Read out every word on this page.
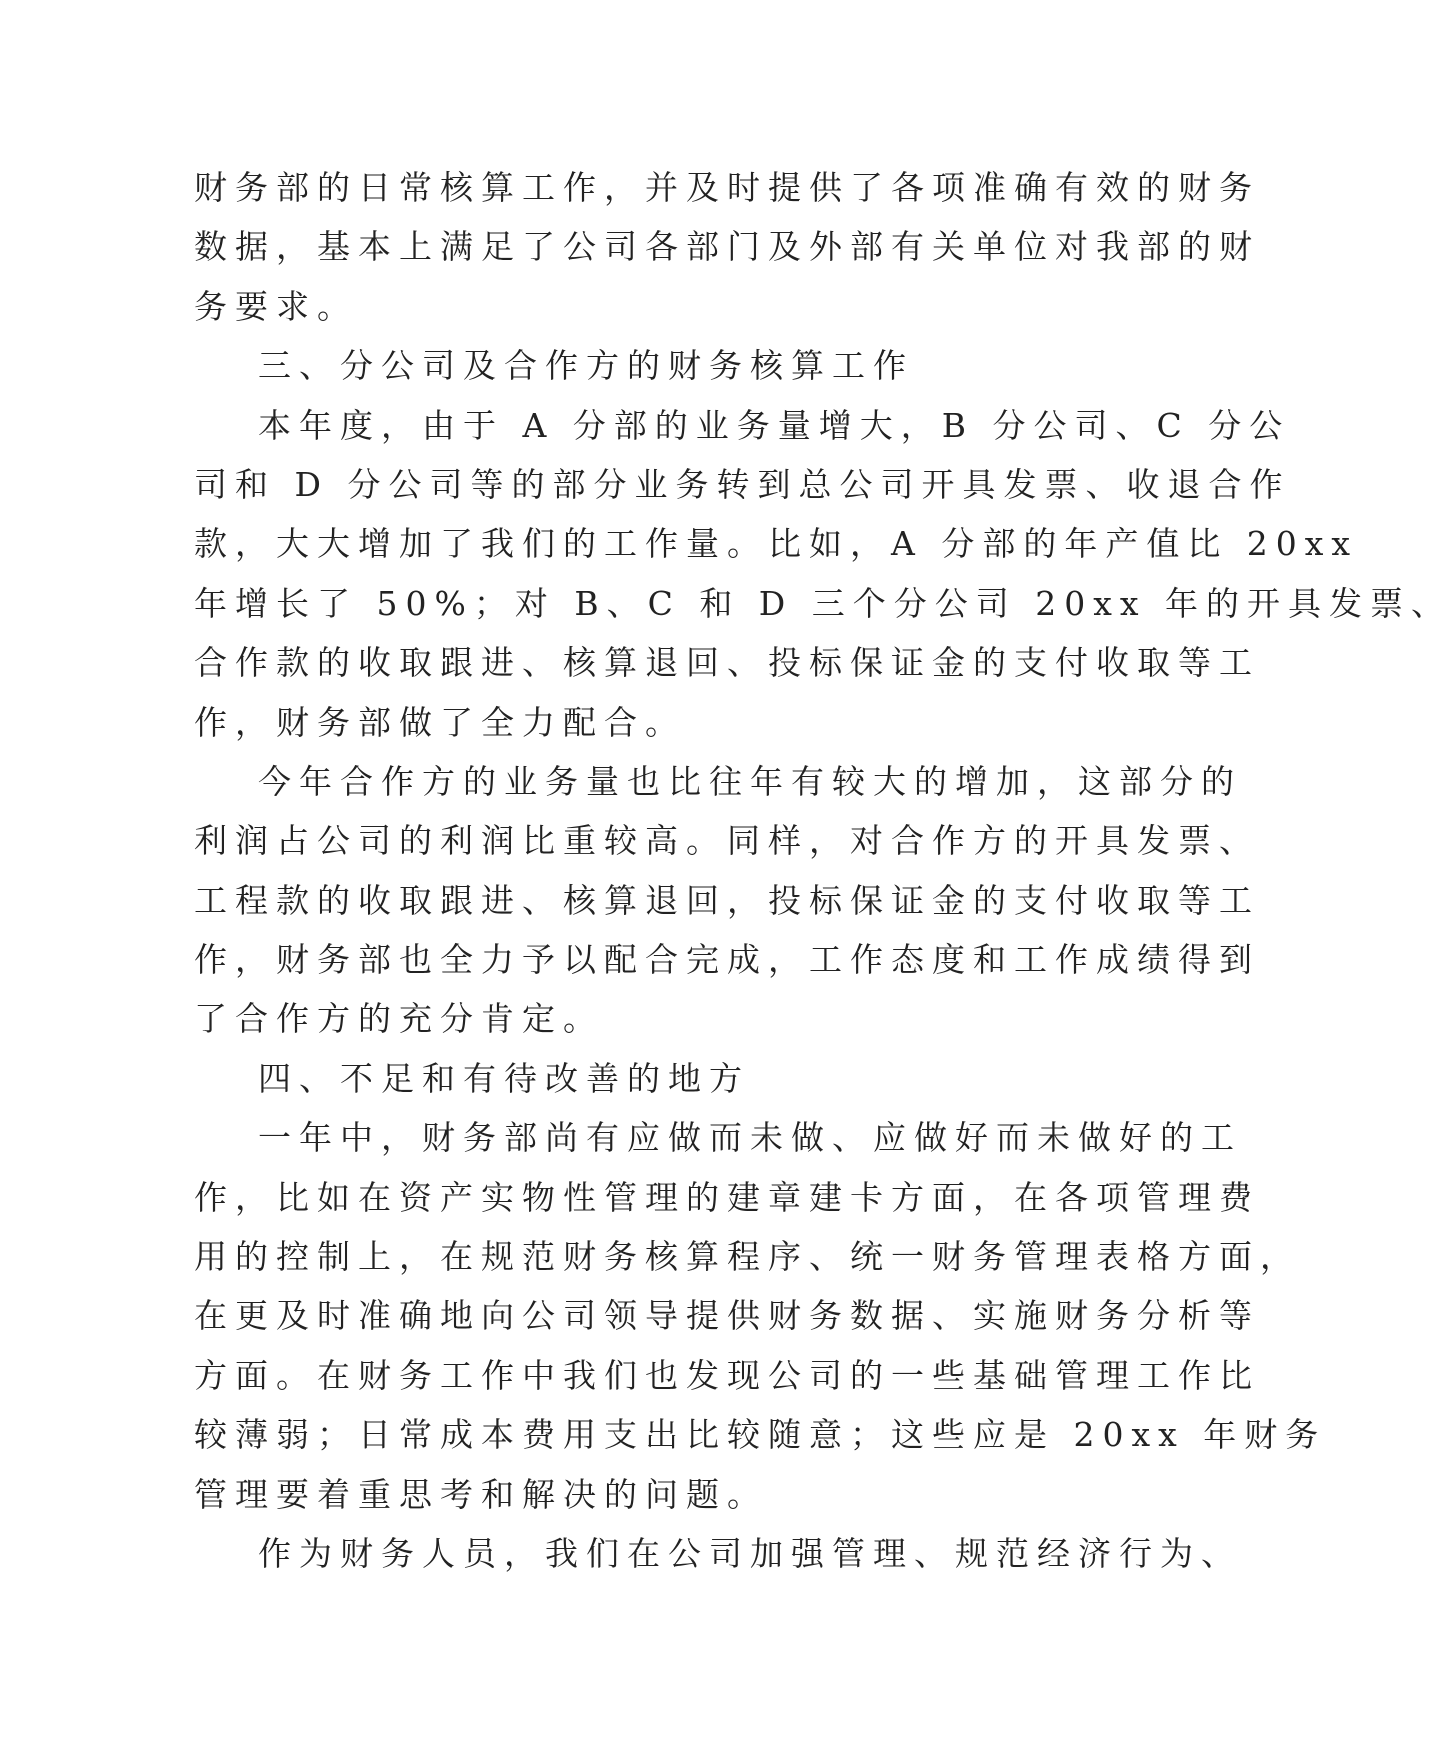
财务部的日常核算工作，并及时提供了各项准确有效的财务
数据，基本上满足了公司各部门及外部有关单位对我部的财
务要求。
三、分公司及合作方的财务核算工作
本年度，由于 A 分部的业务量增大，B 分公司、C 分公
司和 D 分公司等的部分业务转到总公司开具发票、收退合作
款，大大增加了我们的工作量。比如，A 分部的年产值比 20xx
年增长了 50%；对 B、C 和 D 三个分公司 20xx 年的开具发票、
合作款的收取跟进、核算退回、投标保证金的支付收取等工
作，财务部做了全力配合。
今年合作方的业务量也比往年有较大的增加，这部分的
利润占公司的利润比重较高。同样，对合作方的开具发票、
工程款的收取跟进、核算退回，投标保证金的支付收取等工
作，财务部也全力予以配合完成，工作态度和工作成绩得到
了合作方的充分肯定。
四、不足和有待改善的地方
一年中，财务部尚有应做而未做、应做好而未做好的工
作，比如在资产实物性管理的建章建卡方面，在各项管理费
用的控制上，在规范财务核算程序、统一财务管理表格方面，
在更及时准确地向公司领导提供财务数据、实施财务分析等
方面。在财务工作中我们也发现公司的一些基础管理工作比
较薄弱；日常成本费用支出比较随意；这些应是 20xx 年财务
管理要着重思考和解决的问题。
作为财务人员，我们在公司加强管理、规范经济行为、
